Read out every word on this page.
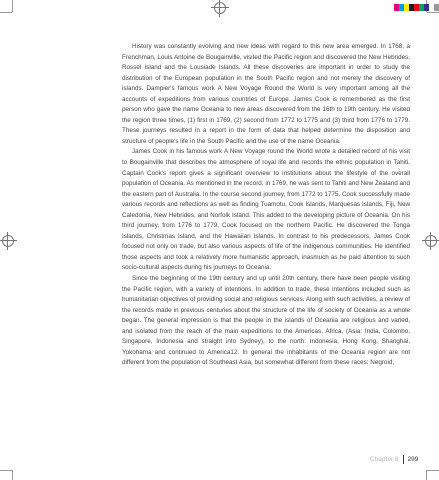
History was constantly evolving and new ideas with regard to this new area emerged. In 1768, a Frenchman, Louis Antoine de Bougainville, visited the Pacific region and discovered the New Hebrides, Rossel Island and the Lousiade Islands. All these discoveries are important in order to study the distribution of the European population in the South Pacific region and not merely the discovery of islands. Dampier's famous work A New Voyage Round the World is very important among all the accounts of expeditions from various countries of Europe. James Cook is remembered as the first person who gave the name Oceania to new areas discovered from the 16th to 19th century. He visited the region three times, (1) first in 1769, (2) second from 1772 to 1775 and (3) third from 1776 to 1779. These journeys resulted in a report in the form of data that helped determine the disposition and structure of people's life in the South Pacific and the use of the name Oceania.

James Cook in his famous work A New Voyage round the World wrote a detailed record of his visit to Bougainville that describes the atmosphere of royal life and records the ethnic population in Tahiti. Captain Cook's report gives a significant overview to institutions about the lifestyle of the overall population of Oceania. As mentioned in the record, in 1769, he was sent to Tahiti and New Zealand and the eastern part of Australia. In the course second journey, from 1772 to 1775, Cook successfully made various records and reflections as well as finding Tuamotu, Cook Islands, Marquesas Islands, Fiji, New Caledonia, New Hebrides, and Norfolk Island. This added to the developing picture of Oceania. On his third journey, from 1776 to 1779, Cook focused on the northern Pacific. He discovered the Tonga Islands, Christmas Island, and the Hawaiian Islands. In contrast to his predecessors, James Cook focused not only on trade, but also various aspects of life of the indigenous communities. He identified those aspects and took a relatively more humanistic approach, inasmuch as he paid attention to such socio-cultural aspects during his journeys to Oceania.

Since the beginning of the 19th century and up until 20th century, there have been people visiting the Pacific region, with a variety of intentions. In addition to trade, these intentions included such as humanitarian objectives of providing social and religious services. Along with such activities, a review of the records made in previous centuries about the structure of the life of society of Oceania as a whole began. The general impression is that the people in the islands of Oceania are religious and varied, and isolated from the reach of the main expeditions to the Americas, Africa, (Asia: India, Colombo, Singapore, Indonesia and straight into Sydney), to the north: Indonesia, Hong Kong, Shanghai, Yokohama and continued to America12. In general the inhabitants of the Oceania region are not different from the population of Southeast Asia, but somewhat different from these races: Negroid,

Chapter 8 299
